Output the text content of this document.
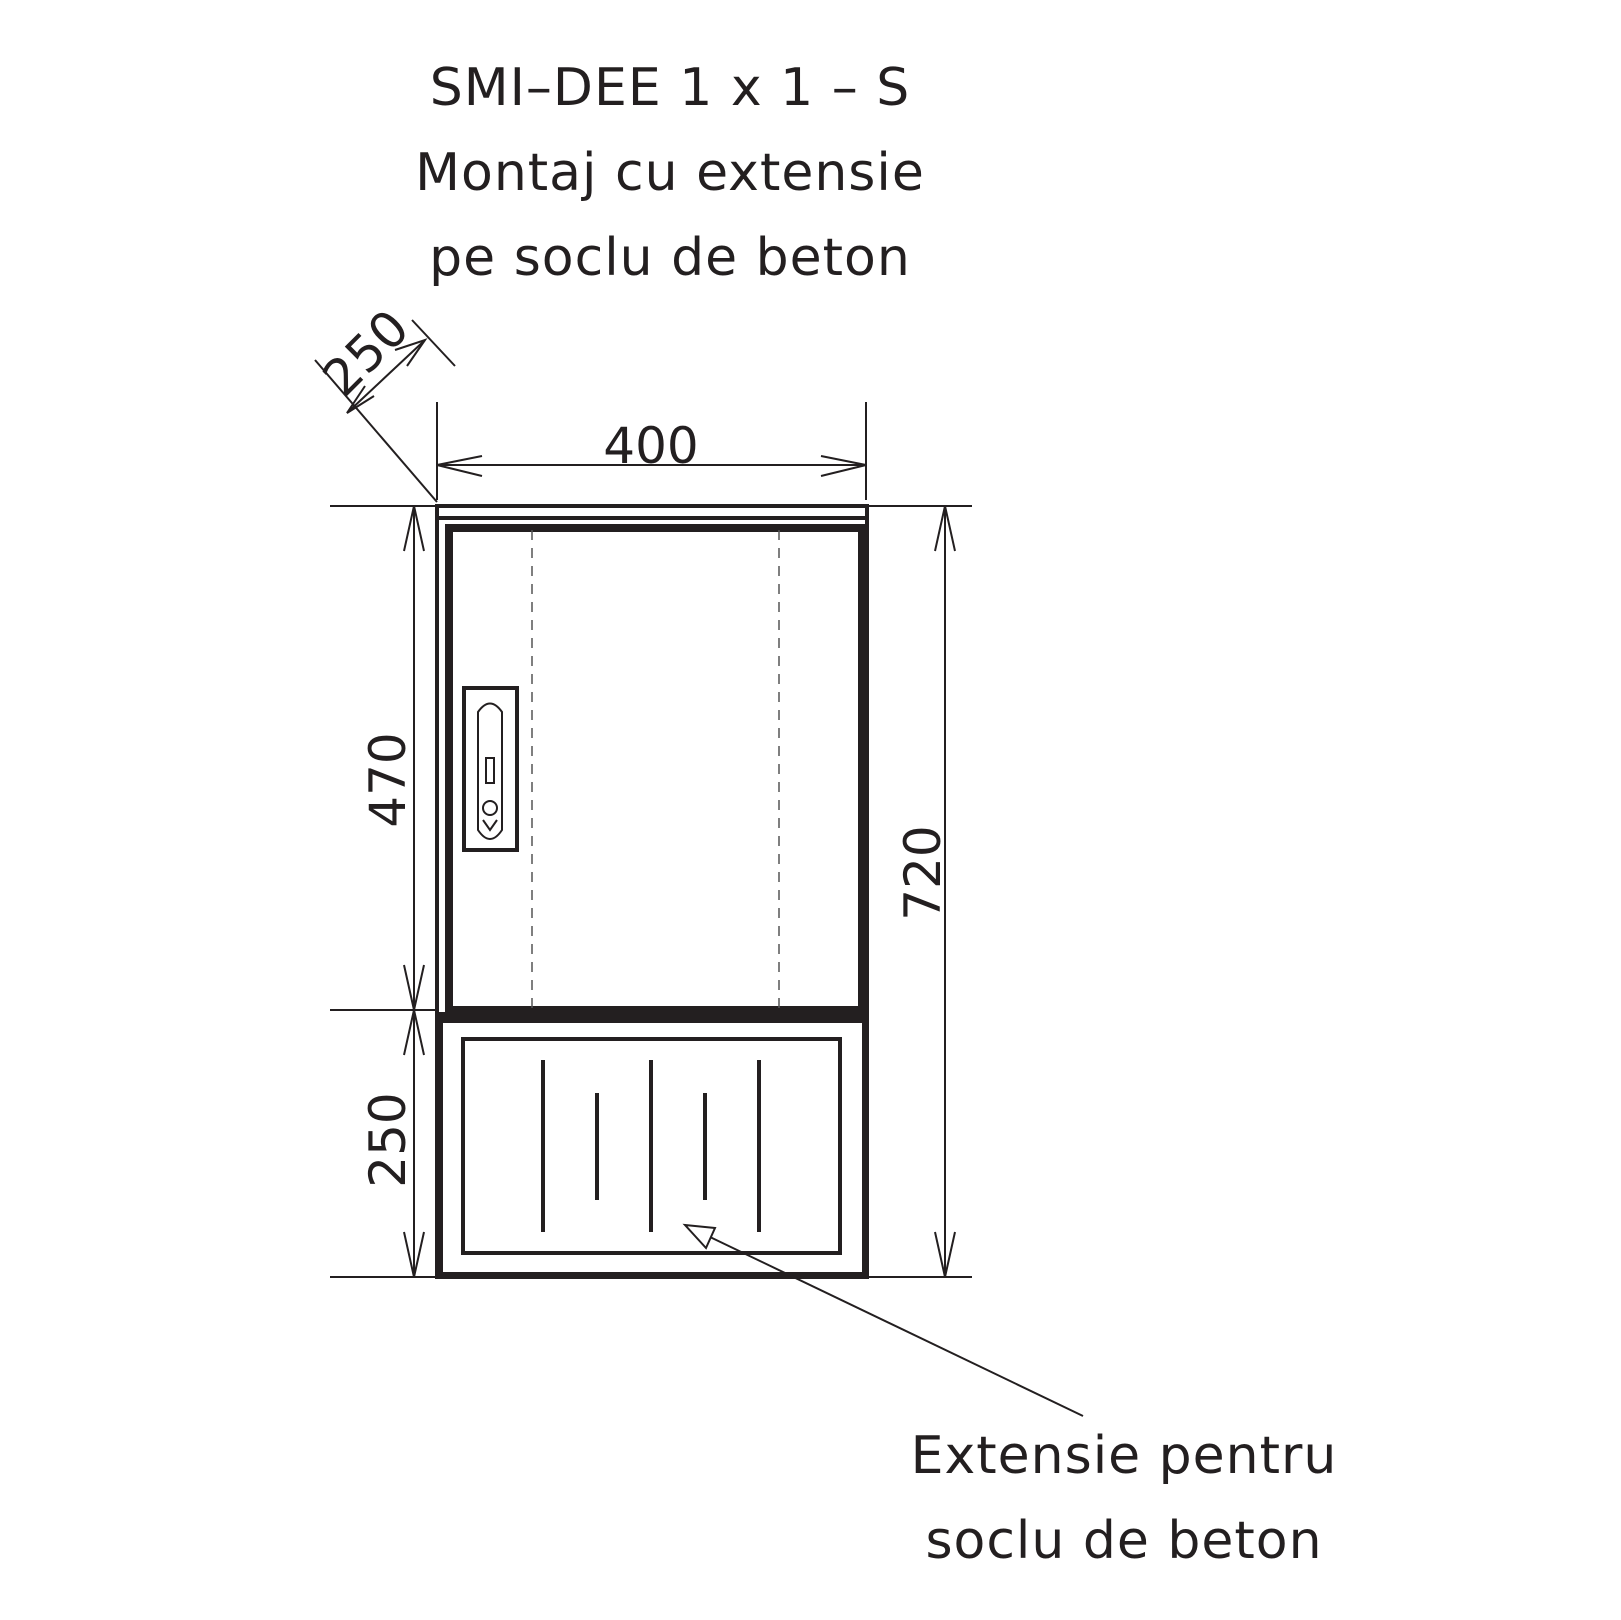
SMI–DEE 1 x 1 – S
Montaj cu extensie
pe soclu de beton
250
400
470
250
720
Extensie pentru
soclu de beton
